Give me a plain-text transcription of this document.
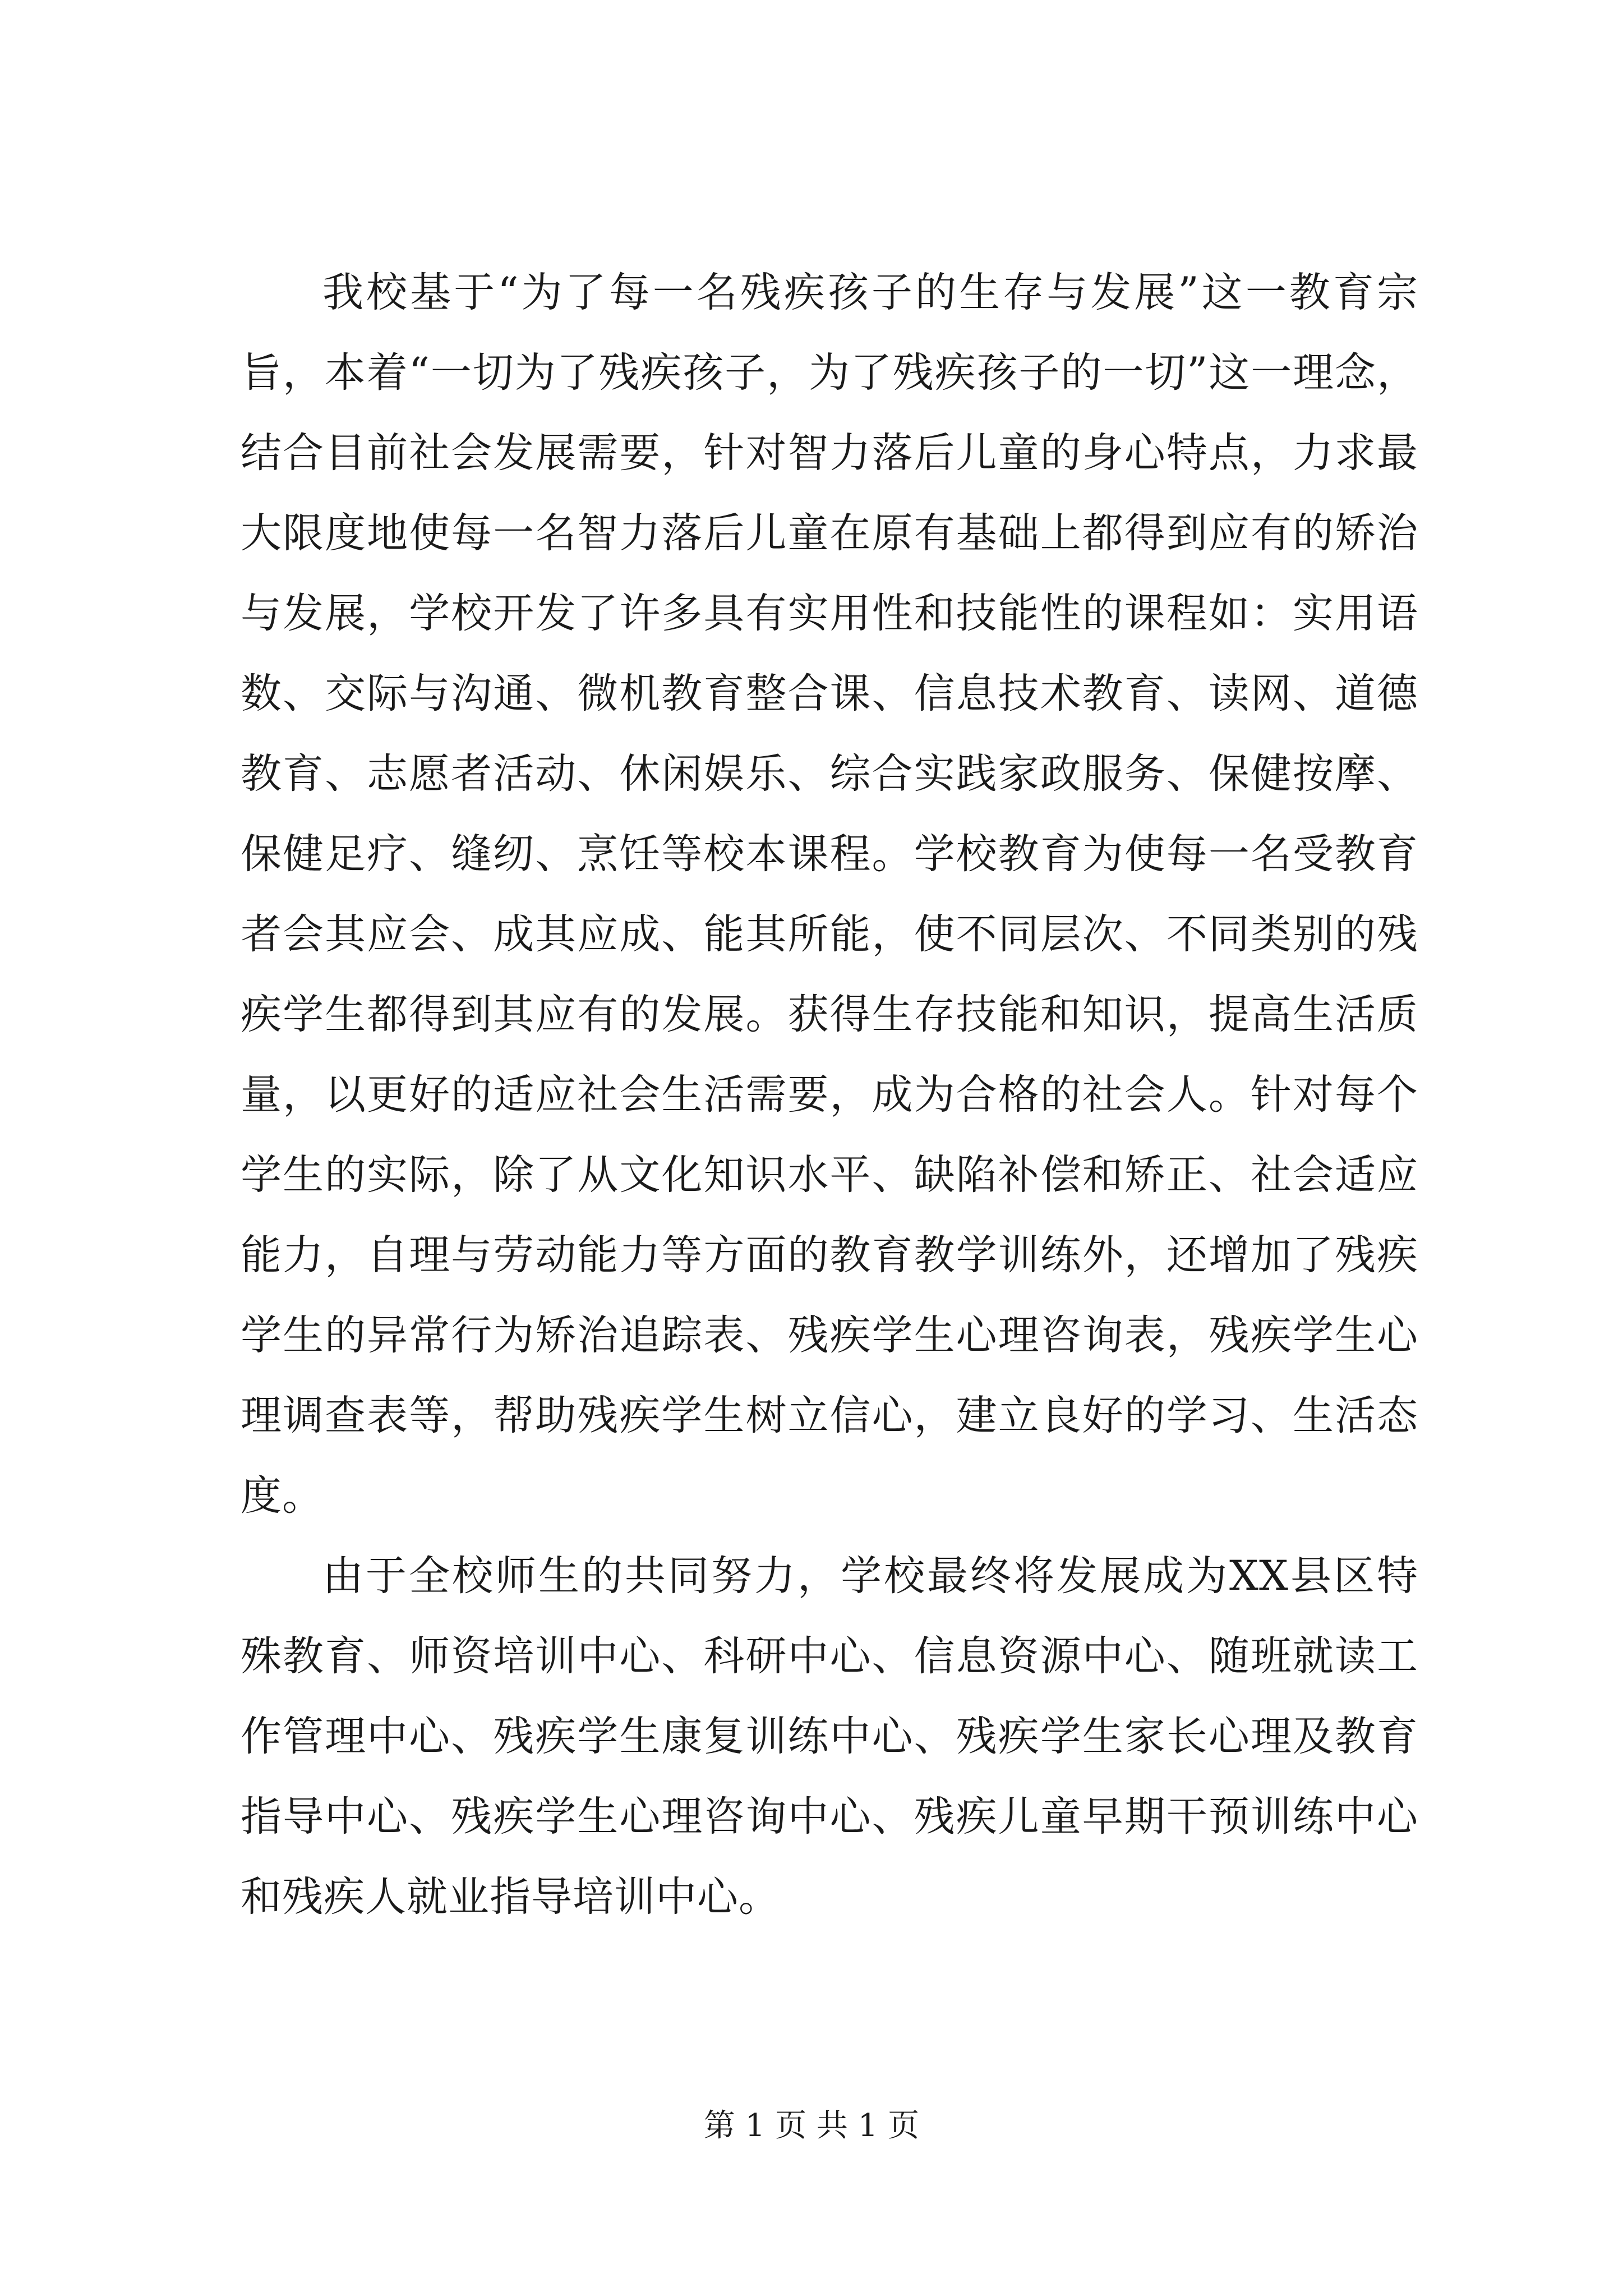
我校基于“为了每一名残疾孩子的生存与发展”这一教育宗旨，本着“一切为了残疾孩子，为了残疾孩子的一切”这一理念，结合目前社会发展需要，针对智力落后儿童的身心特点，力求最大限度地使每一名智力落后儿童在原有基础上都得到应有的矫治与发展，学校开发了许多具有实用性和技能性的课程如：实用语数、交际与沟通、微机教育整合课、信息技术教育、读网、道德教育、志愿者活动、休闲娱乐、综合实践家政服务、保健按摩、保健足疗、缝纫、烹饪等校本课程。学校教育为使每一名受教育者会其应会、成其应成、能其所能，使不同层次、不同类别的残疾学生都得到其应有的发展。获得生存技能和知识，提高生活质量，以更好的适应社会生活需要，成为合格的社会人。针对每个学生的实际，除了从文化知识水平、缺陷补偿和矫正、社会适应能力，自理与劳动能力等方面的教育教学训练外，还增加了残疾学生的异常行为矫治追踪表、残疾学生心理咨询表，残疾学生心理调查表等，帮助残疾学生树立信心，建立良好的学习、生活态度。

由于全校师生的共同努力，学校最终将发展成为XX县区特殊教育、师资培训中心、科研中心、信息资源中心、随班就读工作管理中心、残疾学生康复训练中心、残疾学生家长心理及教育指导中心、残疾学生心理咨询中心、残疾儿童早期干预训练中心和残疾人就业指导培训中心。

第 1 页 共 1 页
